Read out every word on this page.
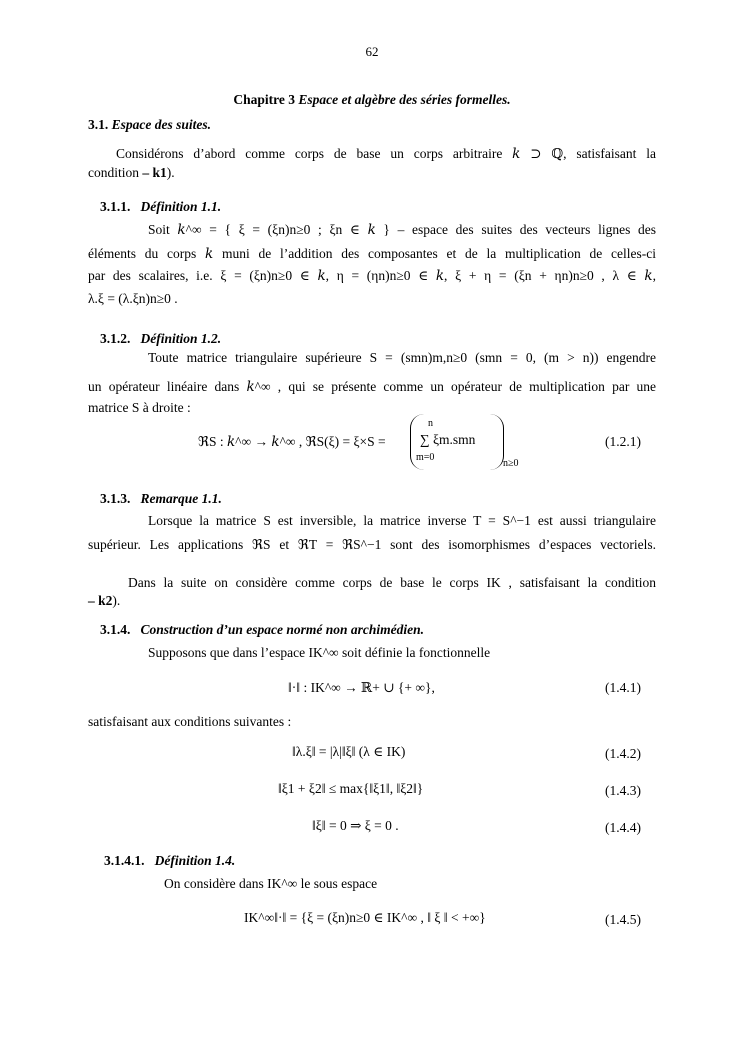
62
Chapitre 3 Espace et algèbre des séries formelles.
3.1. Espace des suites.
Considérons d’abord comme corps de base un corps arbitraire 𝑘 ⊃ ℚ, satisfaisant la
condition – k1).
3.1.1. Définition 1.1.
Soit 𝑘^∞ = { ξ = (ξn)n≥0 ; ξn ∈ 𝑘 } – espace des suites des vecteurs lignes des
éléments du corps 𝑘 muni de l’addition des composantes et de la multiplication de celles-ci
par des scalaires, i.e. ξ = (ξn)n≥0 ∈ 𝑘, η = (ηn)n≥0 ∈ 𝑘, ξ + η = (ξn + ηn)n≥0 , λ ∈ 𝑘,
λ.ξ = (λ.ξn)n≥0 .
3.1.2. Définition 1.2.
Toute matrice triangulaire supérieure S = (smn)m,n≥0 (smn = 0, (m > n)) engendre
un opérateur linéaire dans 𝑘^∞ , qui se présente comme un opérateur de multiplication par une
matrice S à droite :
ℜS : 𝑘^∞ → 𝑘^∞ , ℜS(ξ) = ξ×S =
n
∑ ξm.smn
m=0
n≥0
(1.2.1)
3.1.3. Remarque 1.1.
Lorsque la matrice S est inversible, la matrice inverse T = S^−1 est aussi triangulaire
supérieur. Les applications ℜS et ℜT = ℜS^−1 sont des isomorphismes d’espaces vectoriels.
Dans la suite on considère comme corps de base le corps IK , satisfaisant la condition
– k2).
3.1.4. Construction d’un espace normé non archimédien.
Supposons que dans l’espace IK^∞ soit définie la fonctionnelle
‖·‖ : IK^∞ → ℝ+ ∪ {+ ∞},	(1.4.1)
satisfaisant aux conditions suivantes :
‖λ.ξ‖ = |λ|‖ξ‖ (λ ∈ IK)	(1.4.2)
‖ξ1 + ξ2‖ ≤ max{‖ξ1‖, ‖ξ2‖}	(1.4.3)
‖ξ‖ = 0 ⇒ ξ = 0 .	(1.4.4)
3.1.4.1. Définition 1.4.
On considère dans IK^∞ le sous espace
IK^∞‖·‖ = {ξ = (ξn)n≥0 ∈ IK^∞ , ‖ ξ ‖ < +∞}	(1.4.5)
